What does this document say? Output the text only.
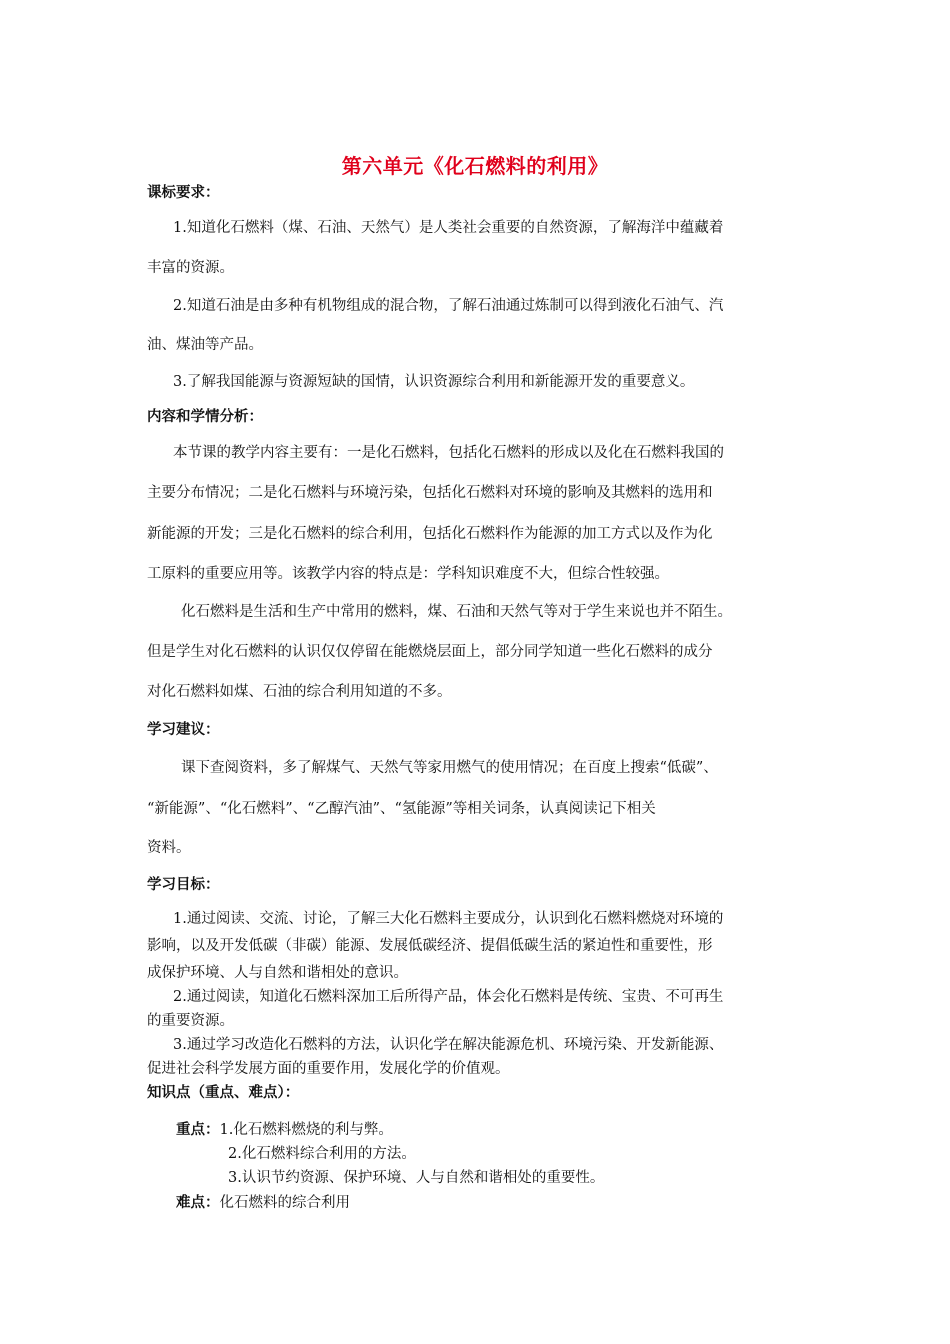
第六单元《化石燃料的利用》
课标要求：
1.知道化石燃料（煤、石油、天然气）是人类社会重要的自然资源，了解海洋中蕴藏着
丰富的资源。
2.知道石油是由多种有机物组成的混合物，了解石油通过炼制可以得到液化石油气、汽
油、煤油等产品。
3.了解我国能源与资源短缺的国情，认识资源综合利用和新能源开发的重要意义。
内容和学情分析：
本节课的教学内容主要有：一是化石燃料，包括化石燃料的形成以及化在石燃料我国的
主要分布情况；二是化石燃料与环境污染，包括化石燃料对环境的影响及其燃料的选用和
新能源的开发；三是化石燃料的综合利用，包括化石燃料作为能源的加工方式以及作为化
工原料的重要应用等。该教学内容的特点是：学科知识难度不大，但综合性较强。
化石燃料是生活和生产中常用的燃料，煤、石油和天然气等对于学生来说也并不陌生。
但是学生对化石燃料的认识仅仅停留在能燃烧层面上，部分同学知道一些化石燃料的成分
对化石燃料如煤、石油的综合利用知道的不多。
学习建议：
课下查阅资料，多了解煤气、天然气等家用燃气的使用情况；在百度上搜索“低碳”、
“新能源”、“化石燃料”、“乙醇汽油”、“氢能源”等相关词条，认真阅读记下相关
资料。
学习目标：
1.通过阅读、交流、讨论，了解三大化石燃料主要成分，认识到化石燃料燃烧对环境的
影响，以及开发低碳（非碳）能源、发展低碳经济、提倡低碳生活的紧迫性和重要性，形
成保护环境、人与自然和谐相处的意识。
2.通过阅读，知道化石燃料深加工后所得产品，体会化石燃料是传统、宝贵、不可再生
的重要资源。
3.通过学习改造化石燃料的方法，认识化学在解决能源危机、环境污染、开发新能源、
促进社会科学发展方面的重要作用，发展化学的价值观。
知识点（重点、难点）：
重点：1.化石燃料燃烧的利与弊。
2.化石燃料综合利用的方法。
3.认识节约资源、保护环境、人与自然和谐相处的重要性。
难点：化石燃料的综合利用
